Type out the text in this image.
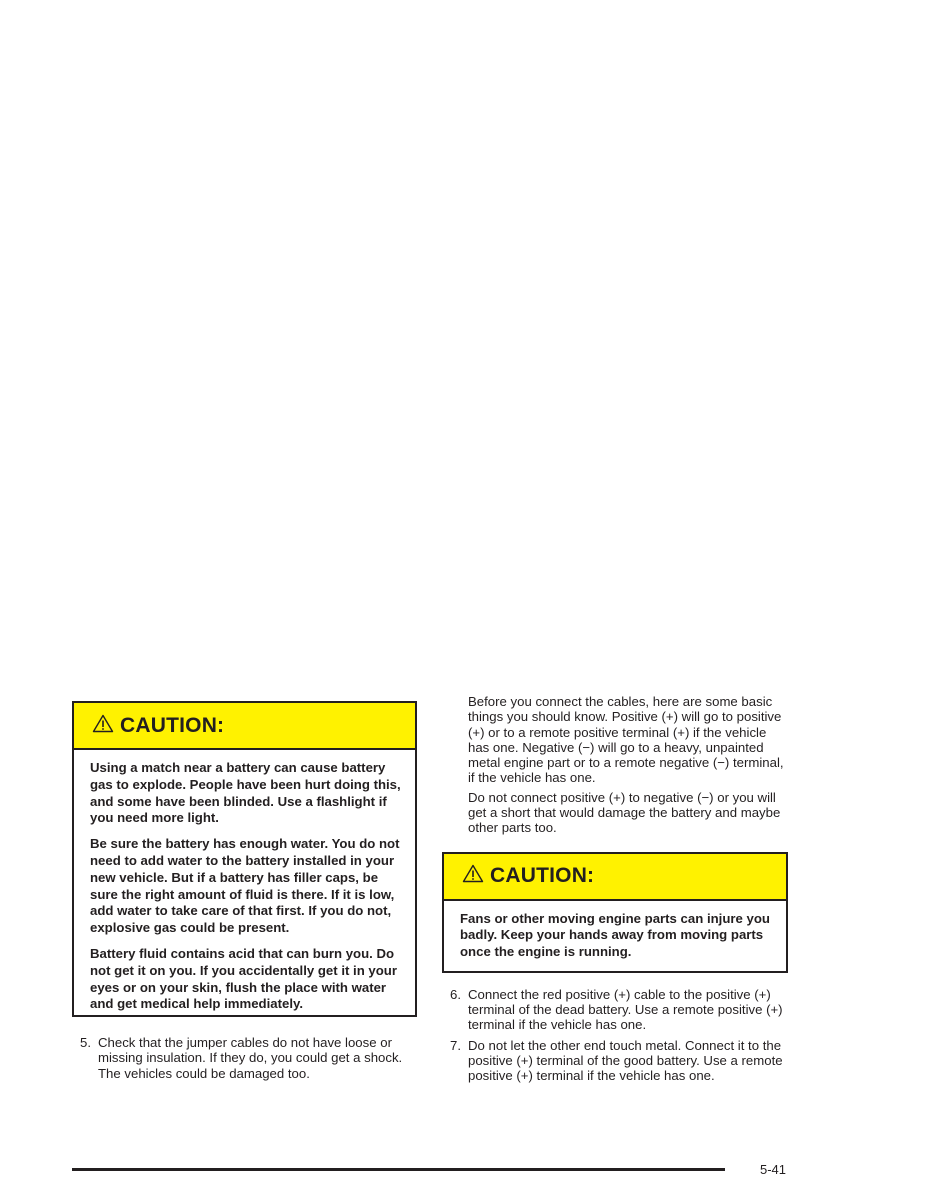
CAUTION:

Using a match near a battery can cause battery gas to explode. People have been hurt doing this, and some have been blinded. Use a flashlight if you need more light.

Be sure the battery has enough water. You do not need to add water to the battery installed in your new vehicle. But if a battery has filler caps, be sure the right amount of fluid is there. If it is low, add water to take care of that first. If you do not, explosive gas could be present.

Battery fluid contains acid that can burn you. Do not get it on you. If you accidentally get it in your eyes or on your skin, flush the place with water and get medical help immediately.

5. Check that the jumper cables do not have loose or missing insulation. If they do, you could get a shock. The vehicles could be damaged too.

Before you connect the cables, here are some basic things you should know. Positive (+) will go to positive (+) or to a remote positive terminal (+) if the vehicle has one. Negative (−) will go to a heavy, unpainted metal engine part or to a remote negative (−) terminal, if the vehicle has one.

Do not connect positive (+) to negative (−) or you will get a short that would damage the battery and maybe other parts too.

CAUTION:

Fans or other moving engine parts can injure you badly. Keep your hands away from moving parts once the engine is running.

6. Connect the red positive (+) cable to the positive (+) terminal of the dead battery. Use a remote positive (+) terminal if the vehicle has one.
7. Do not let the other end touch metal. Connect it to the positive (+) terminal of the good battery. Use a remote positive (+) terminal if the vehicle has one.
5-41
